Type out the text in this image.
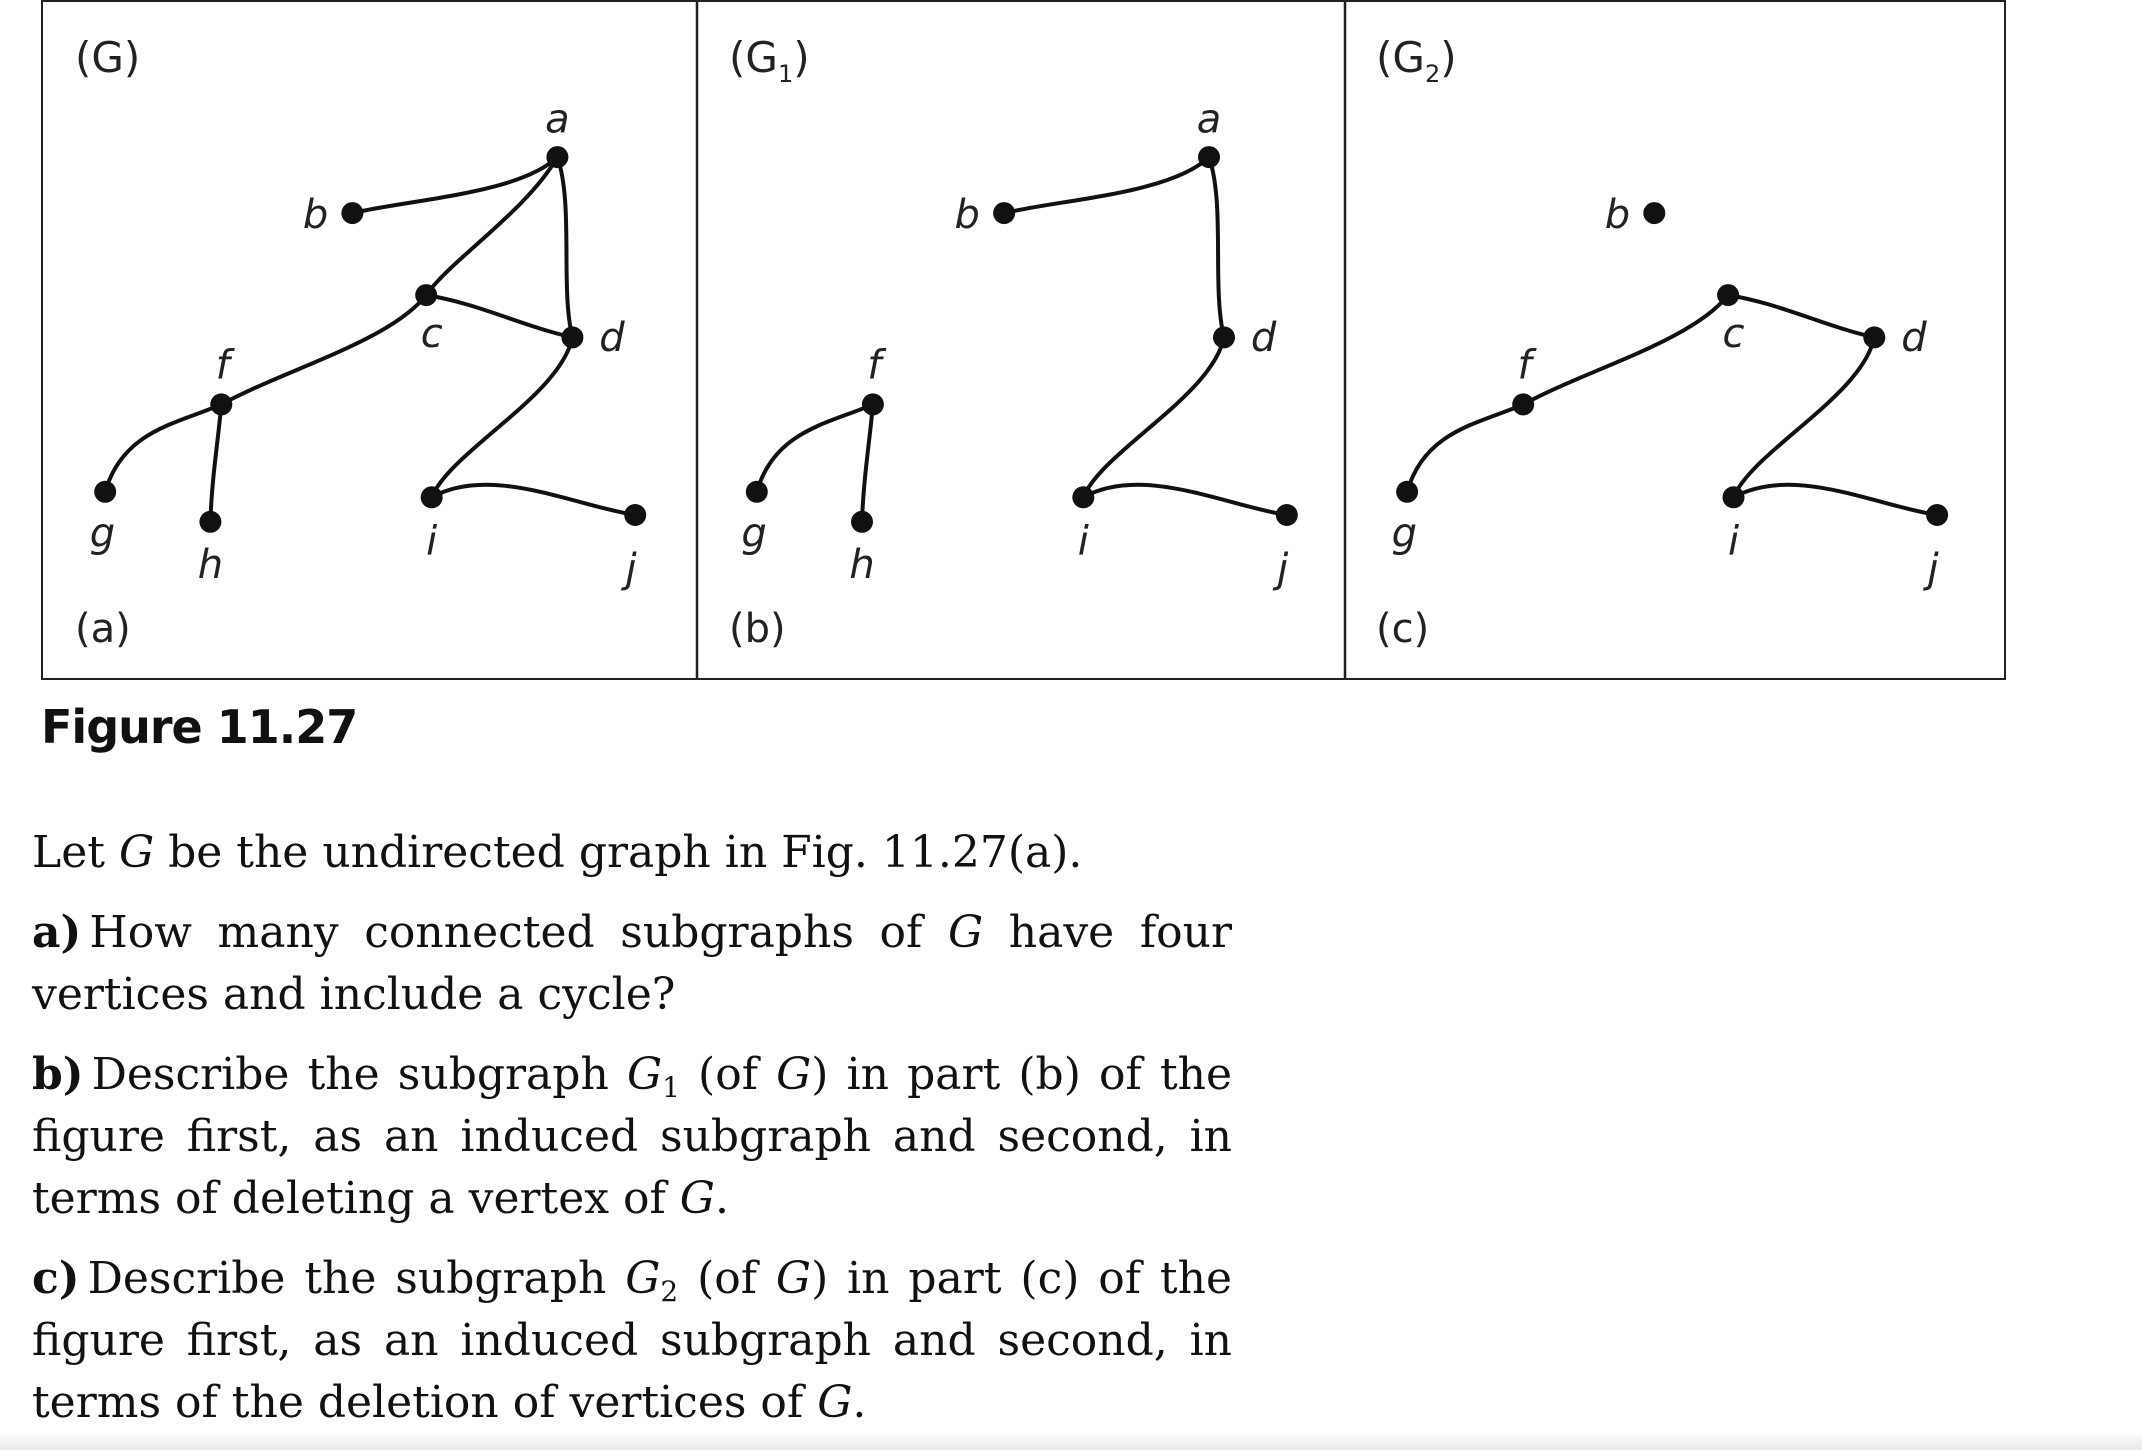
(G)
(a)
$(G_1)$
(b)
$(G_2)$
(c)
a
b
c	d
f
g
h
i
j
a
b
d
f
g
h
i
j
b
c	d
f
g	i
j
Figure 11.27

Let G be the undirected graph in Fig. 11.27(a).

a) How many connected subgraphs of G have four vertices and include a cycle?

b) Describe the subgraph $G_1$ (of G) in part (b) of the figure first, as an induced subgraph and second, in terms of deleting a vertex of G.

c) Describe the subgraph $G_2$ (of G) in part (c) of the figure first, as an induced subgraph and second, in terms of the deletion of vertices of G.
